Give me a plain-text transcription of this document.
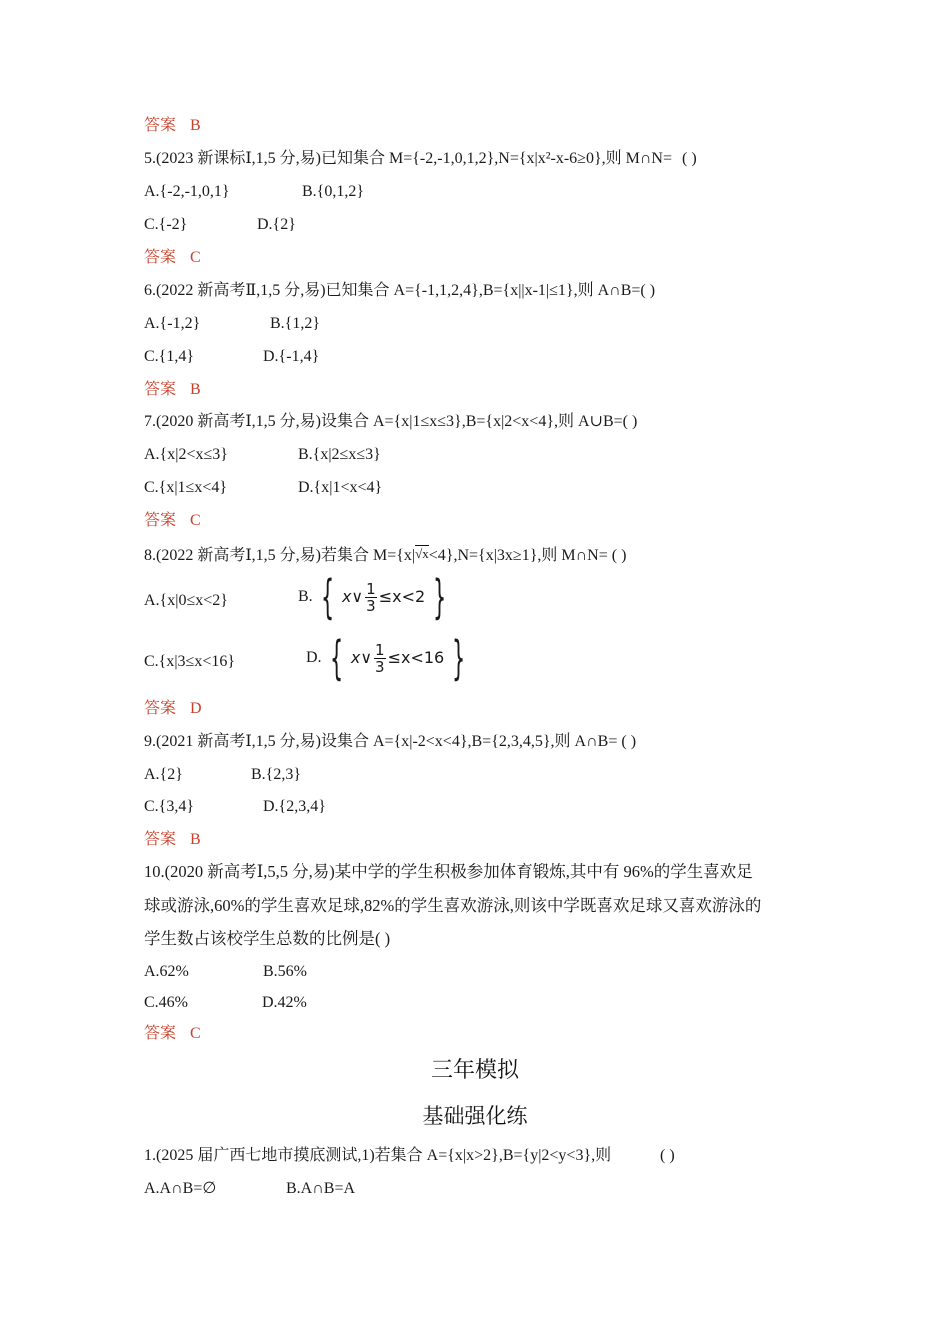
答案 B
5.(2023 新课标Ⅰ,1,5 分,易)已知集合 M={-2,-1,0,1,2},N={x|x²-x-6≥0},则 M∩N= ( )
A.{-2,-1,0,1}	B.{0,1,2}
C.{-2}	D.{2}
答案 C
6.(2022 新高考Ⅱ,1,5 分,易)已知集合 A={-1,1,2,4},B={x||x-1|≤1},则 A∩B=( )
A.{-1,2}	B.{1,2}
C.{1,4}	D.{-1,4}
答案 B
7.(2020 新高考Ⅰ,1,5 分,易)设集合 A={x|1≤x≤3},B={x|2<x<4},则 A∪B=( )
A.{x|2<x≤3}	B.{x|2≤x≤3}
C.{x|1≤x<4}	D.{x|1<x<4}
答案 C
8.(2022 新高考Ⅰ,1,5 分,易)若集合 M={x|√x<4},N={x|3x≥1},则 M∩N= ( )
A.{x|0≤x<2}	B. { x∨ $\frac{1}{3} \le x<2$ }
C.{x|3≤x<16}	D. { x∨ $\frac{1}{3} \le x<16$ }
答案 D
9.(2021 新高考Ⅰ,1,5 分,易)设集合 A={x|-2<x<4},B={2,3,4,5},则 A∩B= ( )
A.{2}	B.{2,3}
C.{3,4}	D.{2,3,4}
答案 B
10.(2020 新高考Ⅰ,5,5 分,易)某中学的学生积极参加体育锻炼,其中有 96%的学生喜欢足
球或游泳,60%的学生喜欢足球,82%的学生喜欢游泳,则该中学既喜欢足球又喜欢游泳的
学生数占该校学生总数的比例是( )
A.62%	B.56%
C.46%	D.42%
答案 C
三年模拟
基础强化练
1.(2025 届广西七地市摸底测试,1)若集合 A={x|x>2},B={y|2<y<3},则	( )
A.A∩B=∅	B.A∩B=A
